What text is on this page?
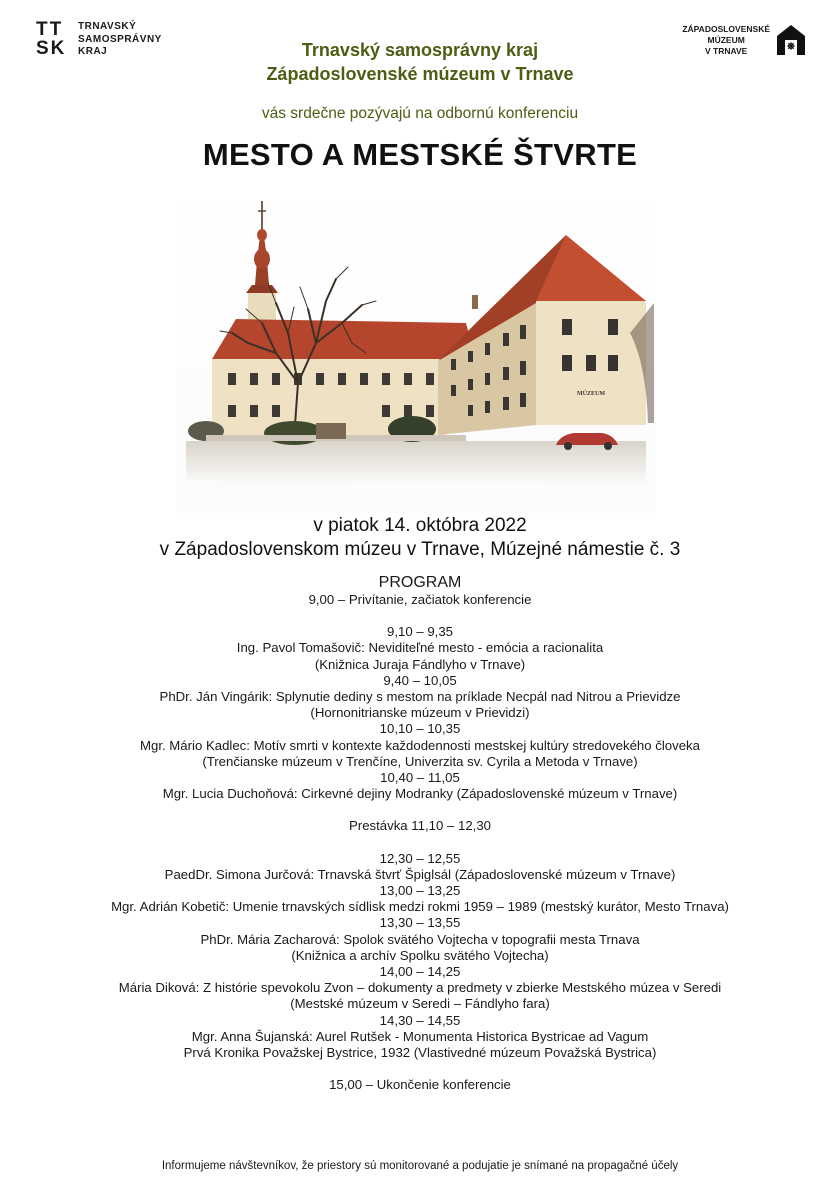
TT
SK
TRNAVSKÝ
SAMOSPRÁVNY
KRAJ
ZÁPADOSLOVENSKÉ
MÚZEUM
V TRNAVE
Trnavský samosprávny kraj
Západoslovenské múzeum v Trnave
vás srdečne pozývajú na odbornú konferenciu
MESTO A MESTSKÉ ŠTVRTE
MÚZEUM
v piatok 14. októbra 2022
v Západoslovenskom múzeu v Trnave, Múzejné námestie č. 3
PROGRAM
9,00 – Privítanie, začiatok konferencie
9,10 – 9,35
Ing. Pavol Tomašovič: Neviditeľné mesto - emócia a racionalita
(Knižnica Juraja Fándlyho v Trnave)
9,40 – 10,05
PhDr. Ján Vingárik: Splynutie dediny s mestom na príklade Necpál nad Nitrou a Prievidze
(Hornonitrianske múzeum v Prievidzi)
10,10 – 10,35
Mgr. Mário Kadlec: Motív smrti v kontexte každodennosti mestskej kultúry stredovekého človeka
(Trenčianske múzeum v Trenčíne, Univerzita sv. Cyrila a Metoda v Trnave)
10,40 – 11,05
Mgr. Lucia Duchoňová: Cirkevné dejiny Modranky (Západoslovenské múzeum v Trnave)
Prestávka 11,10 – 12,30
12,30 – 12,55
PaedDr. Simona Jurčová: Trnavská štvrť Špiglsál (Západoslovenské múzeum v Trnave)
13,00 – 13,25
Mgr. Adrián Kobetič: Umenie trnavských sídlisk medzi rokmi 1959 – 1989 (mestský kurátor, Mesto Trnava)
13,30 – 13,55
PhDr. Mária Zacharová: Spolok svätého Vojtecha v topografii mesta Trnava
(Knižnica a archív Spolku svätého Vojtecha)
14,00 – 14,25
Mária Diková: Z histórie spevokolu Zvon – dokumenty a predmety v zbierke Mestského múzea v Seredi
(Mestské múzeum v Seredi – Fándlyho fara)
14,30 – 14,55
Mgr. Anna Šujanská: Aurel Rutšek - Monumenta Historica Bystricae ad Vagum
Prvá Kronika Považskej Bystrice, 1932 (Vlastivedné múzeum Považská Bystrica)
15,00 – Ukončenie konferencie
Informujeme návštevníkov, že priestory sú monitorované a podujatie je snímané na propagačné účely
